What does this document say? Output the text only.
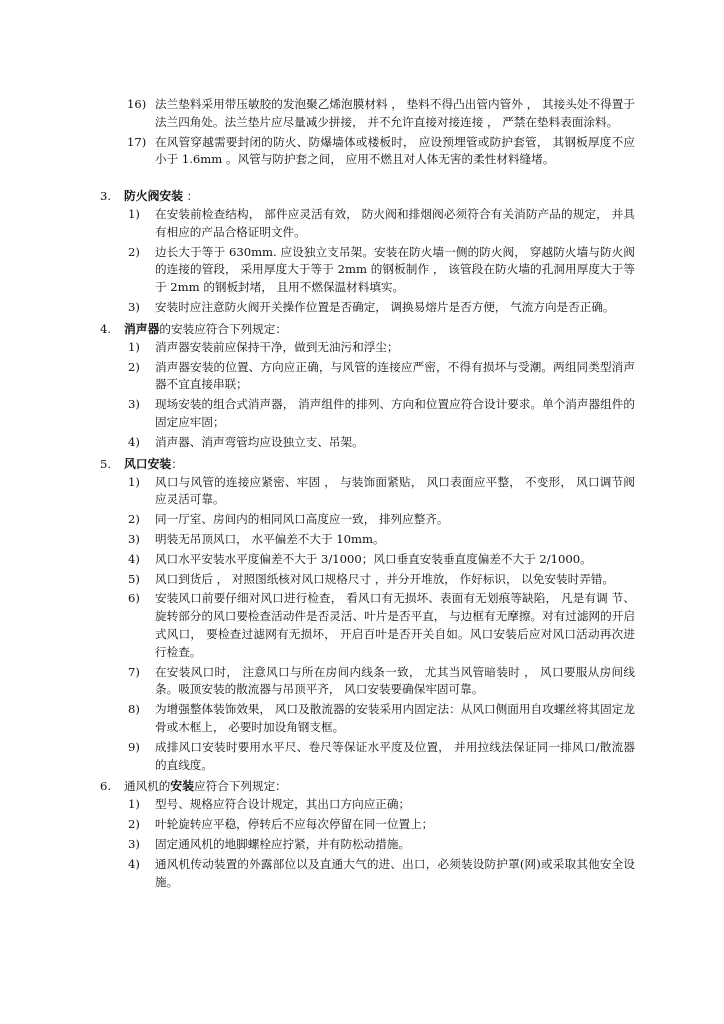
16) 法兰垫料采用带压敏胶的发泡聚乙烯泡膜材料 ， 垫料不得凸出管内管外 ， 其接头处不得置于法兰四角处。法兰垫片应尽量减少拼接， 并不允许直接对接连接 ， 严禁在垫料表面涂料。
17) 在风管穿越需要封闭的防火、防爆墙体或楼板时， 应设预埋管或防护套管， 其钢板厚度不应小于 1.6mm 。风管与防护套之间， 应用不燃且对人体无害的柔性材料缝堵。
3. 防火阀安装 ：
1)	在安装前检查结构， 部件应灵活有效， 防火阀和排烟阀必须符合有关消防产品的规定， 并具有相应的产品合格证明文件。
2)	边长大于等于 630mm. 应设独立支吊架。安装在防火墙一侧的防火阀， 穿越防火墙与防火阀的连接的管段， 采用厚度大于等于 2mm 的钢板制作 ， 该管段在防火墙的孔洞用厚度大于等于 2mm 的钢板封堵， 且用不燃保温材料填实。
3)	安装时应注意防火阀开关操作位置是否确定， 调换易熔片是否方便， 气流方向是否正确。
4. 消声器的安装应符合下列规定：
1)	消声器安装前应保持干净，做到无油污和浮尘；
2)	消声器安装的位置、方向应正确，与风管的连接应严密，不得有损坏与受潮。两组同类型消声器不宜直接串联；
3)	现场安装的组合式消声器， 消声组件的排列、方向和位置应符合设计要求。单个消声器组件的固定应牢固；
4)	消声器、消声弯管均应设独立支、吊架。
5. 风口安装：
1)	风口与风管的连接应紧密、牢固 ， 与装饰面紧贴， 风口表面应平整， 不变形， 风口调节阀应灵活可靠。
2)	同一厅室、房间内的相同风口高度应一致， 排列应整齐。
3)	明装无吊顶风口， 水平偏差不大于 10mm。
4)	风口水平安装水平度偏差不大于 3/1000；风口垂直安装垂直度偏差不大于 2/1000。
5)	风口到货后 ， 对照图纸核对风口规格尺寸 ，并分开堆放， 作好标识， 以免安装时弄错。
6)	安装风口前要仔细对风口进行检查， 看风口有无损坏、表面有无划痕等缺陷， 凡是有调 节、旋转部分的风口要检查活动件是否灵活、叶片是否平直， 与边框有无摩擦。对有过滤网的开启式风口， 要检查过滤网有无损坏， 开启百叶是否开关自如。风口安装后应对风口活动再次进行检查。
7)	在安装风口时， 注意风口与所在房间内线条一致， 尤其当风管暗装时 ， 风口要服从房间线条。吸顶安装的散流器与吊顶平齐， 风口安装要确保牢固可靠。
8)	为增强整体装饰效果， 风口及散流器的安装采用内固定法：从风口侧面用自攻螺丝将其固定龙骨或木框上， 必要时加设角钢支框。
9)	成排风口安装时要用水平尺、卷尺等保证水平度及位置， 并用拉线法保证同一排风口/散流器的直线度。
6. 通风机的安装应符合下列规定：
1)	型号、规格应符合设计规定，其出口方向应正确；
2)	叶轮旋转应平稳，停转后不应每次停留在同一位置上；
3)	固定通风机的地脚螺栓应拧紧，并有防松动措施。
4)	通风机传动装置的外露部位以及直通大气的进、出口，必须装设防护罩(网)或采取其他安全设施。
